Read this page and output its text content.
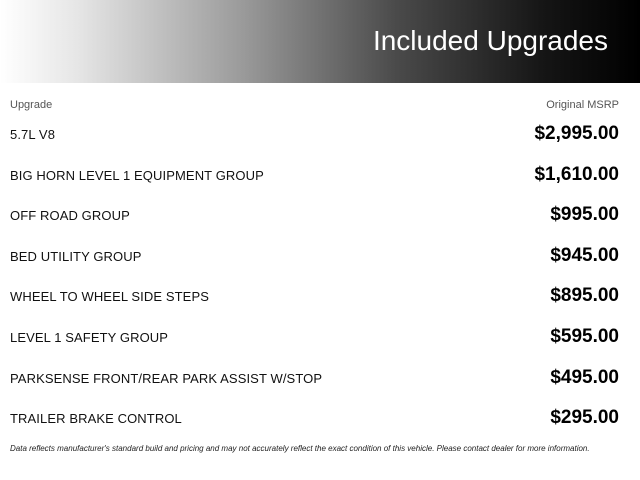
Included Upgrades
Upgrade	Original MSRP
5.7L V8	$2,995.00
BIG HORN LEVEL 1 EQUIPMENT GROUP	$1,610.00
OFF ROAD GROUP	$995.00
BED UTILITY GROUP	$945.00
WHEEL TO WHEEL SIDE STEPS	$895.00
LEVEL 1 SAFETY GROUP	$595.00
PARKSENSE FRONT/REAR PARK ASSIST W/STOP	$495.00
TRAILER BRAKE CONTROL	$295.00
Data reflects manufacturer's standard build and pricing and may not accurately reflect the exact condition of this vehicle. Please contact dealer for more information.
